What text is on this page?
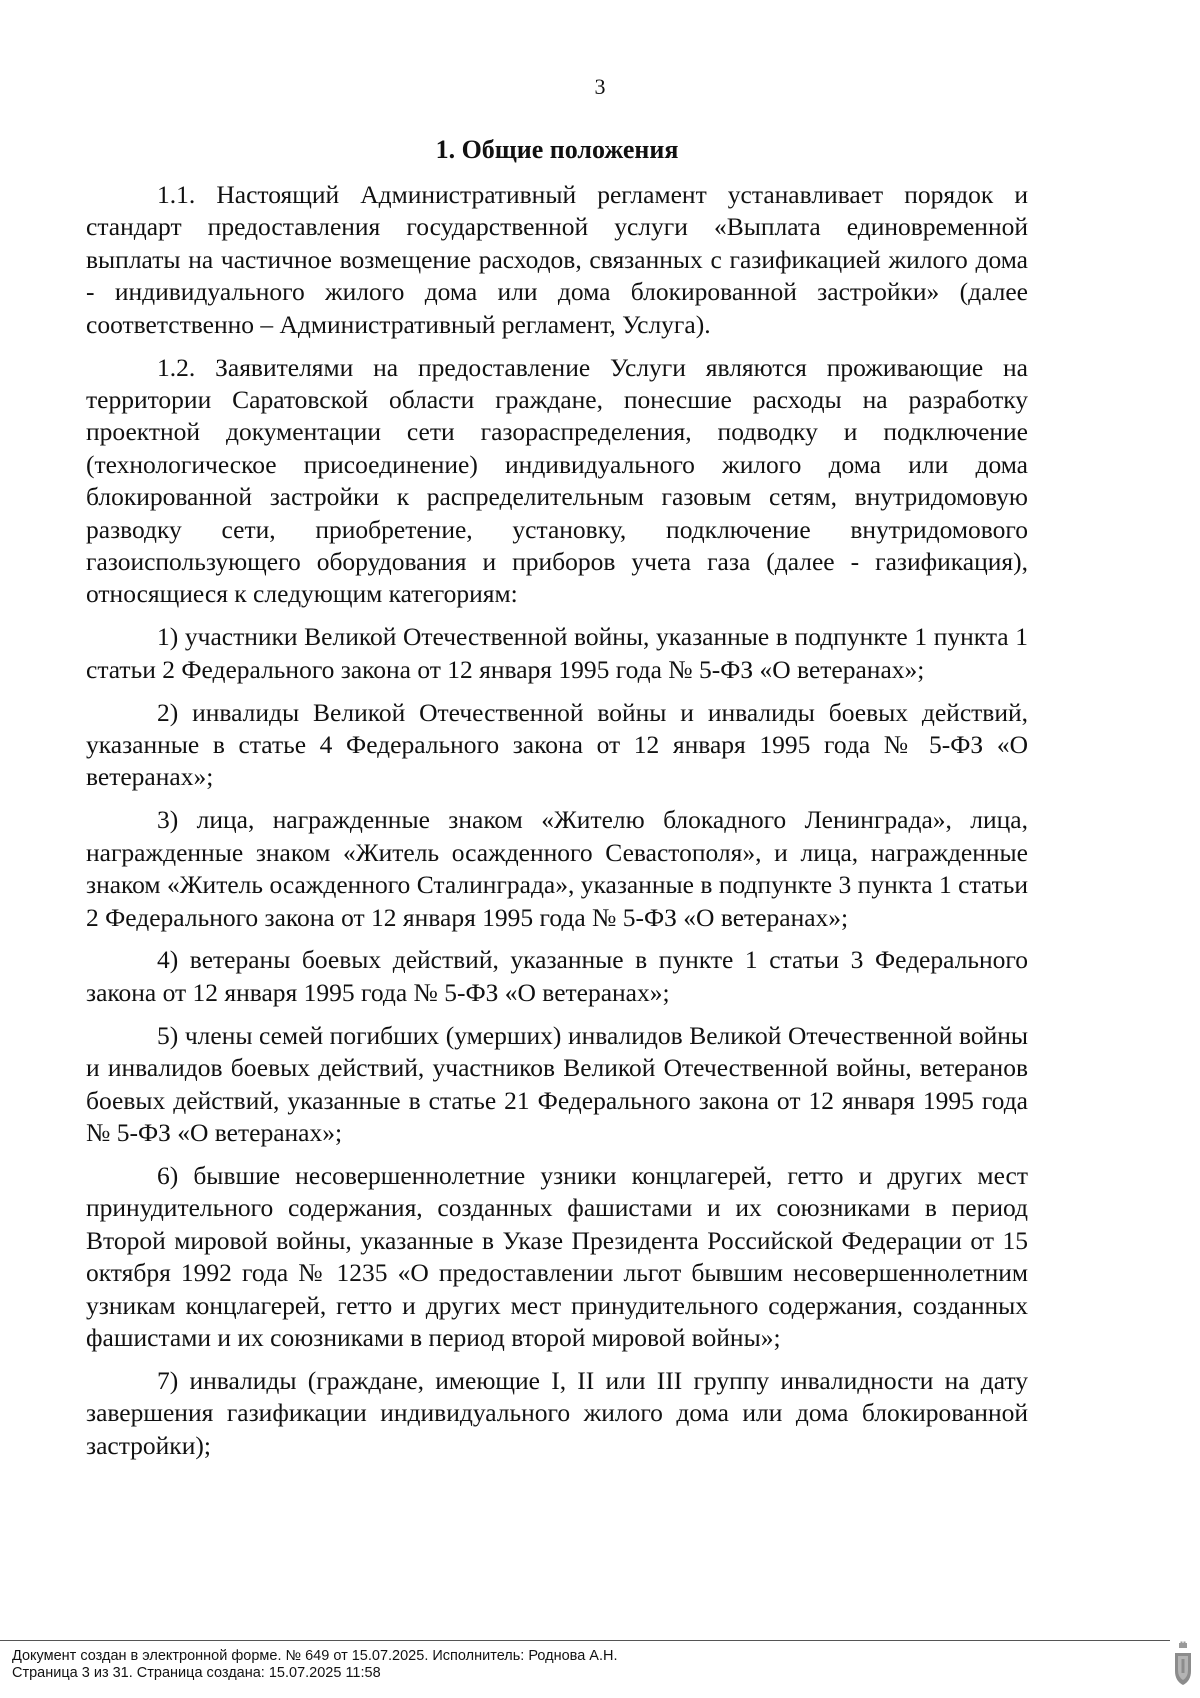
3
1. Общие положения

1.1. Настоящий Административный регламент устанавливает порядок и стандарт предоставления государственной услуги «Выплата единовременной выплаты на частичное возмещение расходов, связанных с газификацией жилого дома - индивидуального жилого дома или дома блокированной застройки» (далее соответственно – Административный регламент, Услуга).

1.2. Заявителями на предоставление Услуги являются проживающие на территории Саратовской области граждане, понесшие расходы на разработку проектной документации сети газораспределения, подводку и подключение (технологическое присоединение) индивидуального жилого дома или дома блокированной застройки к распределительным газовым сетям, внутридомовую разводку сети, приобретение, установку, подключение внутридомового газоиспользующего оборудования и приборов учета газа (далее - газификация), относящиеся к следующим категориям:

1) участники Великой Отечественной войны, указанные в подпункте 1 пункта 1 статьи 2 Федерального закона от 12 января 1995 года № 5-ФЗ «О ветеранах»;

2) инвалиды Великой Отечественной войны и инвалиды боевых действий, указанные в статье 4 Федерального закона от 12 января 1995 года № 5-ФЗ «О ветеранах»;

3) лица, награжденные знаком «Жителю блокадного Ленинграда», лица, награжденные знаком «Житель осажденного Севастополя», и лица, награжденные знаком «Житель осажденного Сталинграда», указанные в подпункте 3 пункта 1 статьи 2 Федерального закона от 12 января 1995 года № 5-ФЗ «О ветеранах»;

4) ветераны боевых действий, указанные в пункте 1 статьи 3 Федерального закона от 12 января 1995 года № 5-ФЗ «О ветеранах»;

5) члены семей погибших (умерших) инвалидов Великой Отечественной войны и инвалидов боевых действий, участников Великой Отечественной войны, ветеранов боевых действий, указанные в статье 21 Федерального закона от 12 января 1995 года № 5-ФЗ «О ветеранах»;

6) бывшие несовершеннолетние узники концлагерей, гетто и других мест принудительного содержания, созданных фашистами и их союзниками в период Второй мировой войны, указанные в Указе Президента Российской Федерации от 15 октября 1992 года № 1235 «О предоставлении льгот бывшим несовершеннолетним узникам концлагерей, гетто и других мест принудительного содержания, созданных фашистами и их союзниками в период второй мировой войны»;

7) инвалиды (граждане, имеющие I, II или III группу инвалидности на дату завершения газификации индивидуального жилого дома или дома блокированной застройки);

Документ создан в электронной форме. № 649 от 15.07.2025. Исполнитель: Роднова А.Н.
Страница 3 из 31. Страница создана: 15.07.2025 11:58
